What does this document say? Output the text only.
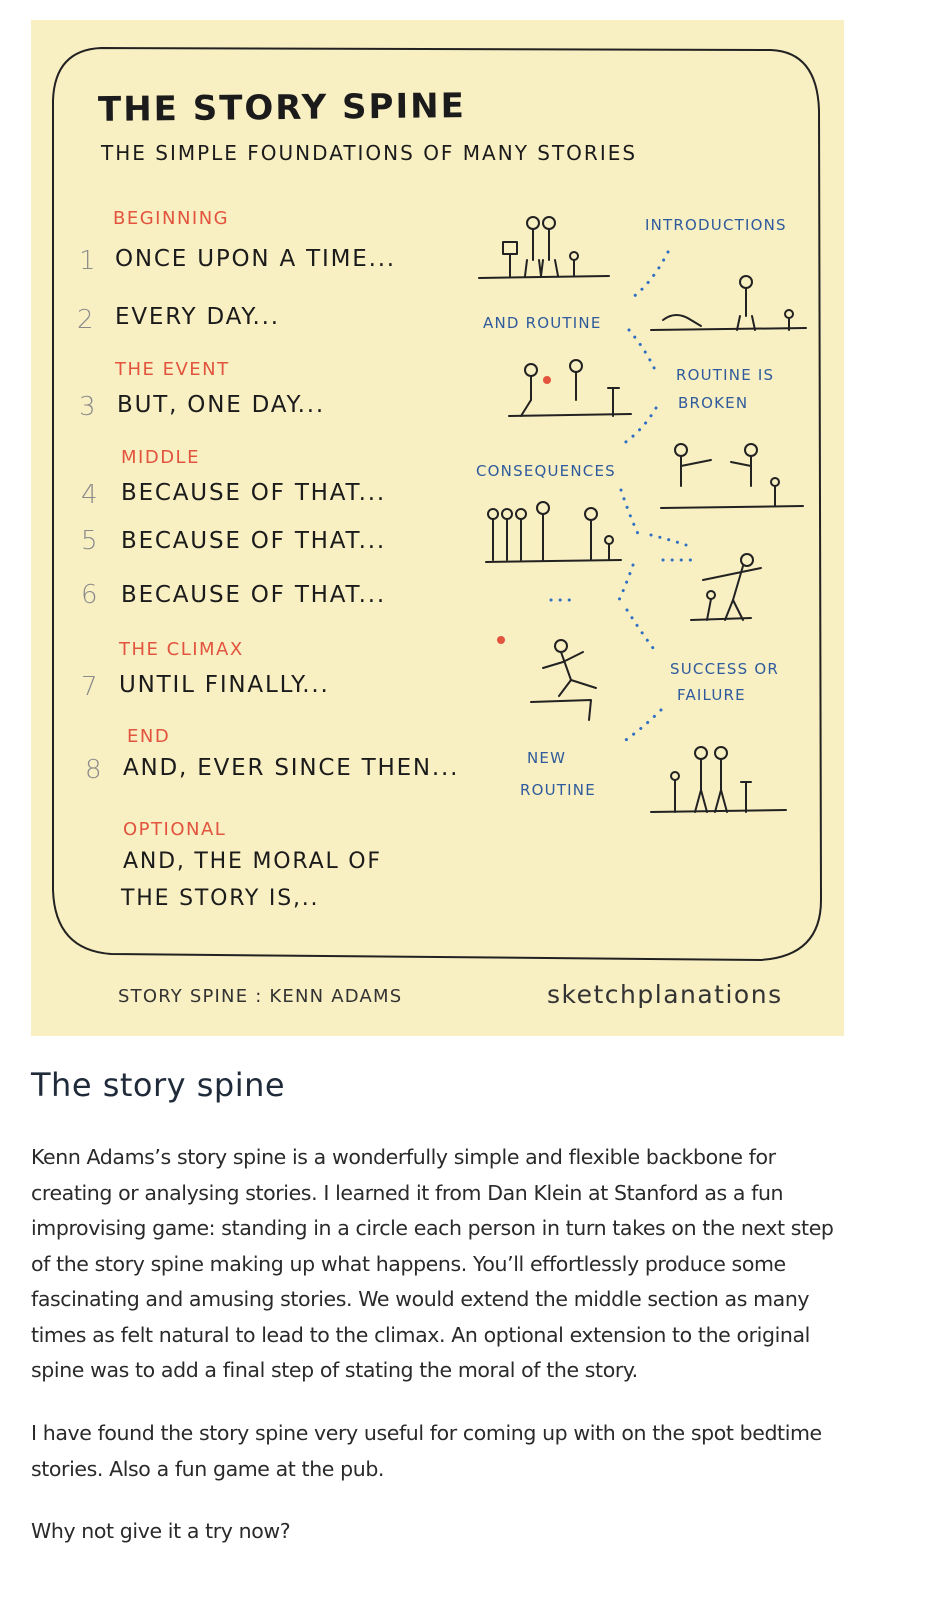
THE STORY SPINE
THE SIMPLE FOUNDATIONS OF MANY STORIES
BEGINNING
1 ONCE UPON A TIME...
2 EVERY DAY...
THE EVENT
3 BUT, ONE DAY...
MIDDLE
4 BECAUSE OF THAT...
5 BECAUSE OF THAT...
6 BECAUSE OF THAT...
THE CLIMAX
7 UNTIL FINALLY...
END
8 AND, EVER SINCE THEN...
OPTIONAL
AND, THE MORAL OF
THE STORY IS,..
INTRODUCTIONS
AND ROUTINE
ROUTINE IS
BROKEN
CONSEQUENCES
SUCCESS OR
FAILURE
NEW
ROUTINE
STORY SPINE : KENN ADAMS	sketchplanations
The story spine

Kenn Adams’s story spine is a wonderfully simple and flexible backbone for creating or analysing stories. I learned it from Dan Klein at Stanford as a fun improvising game: standing in a circle each person in turn takes on the next step of the story spine making up what happens. You’ll effortlessly produce some fascinating and amusing stories. We would extend the middle section as many times as felt natural to lead to the climax. An optional extension to the original spine was to add a final step of stating the moral of the story.

I have found the story spine very useful for coming up with on the spot bedtime stories. Also a fun game at the pub.

Why not give it a try now?
